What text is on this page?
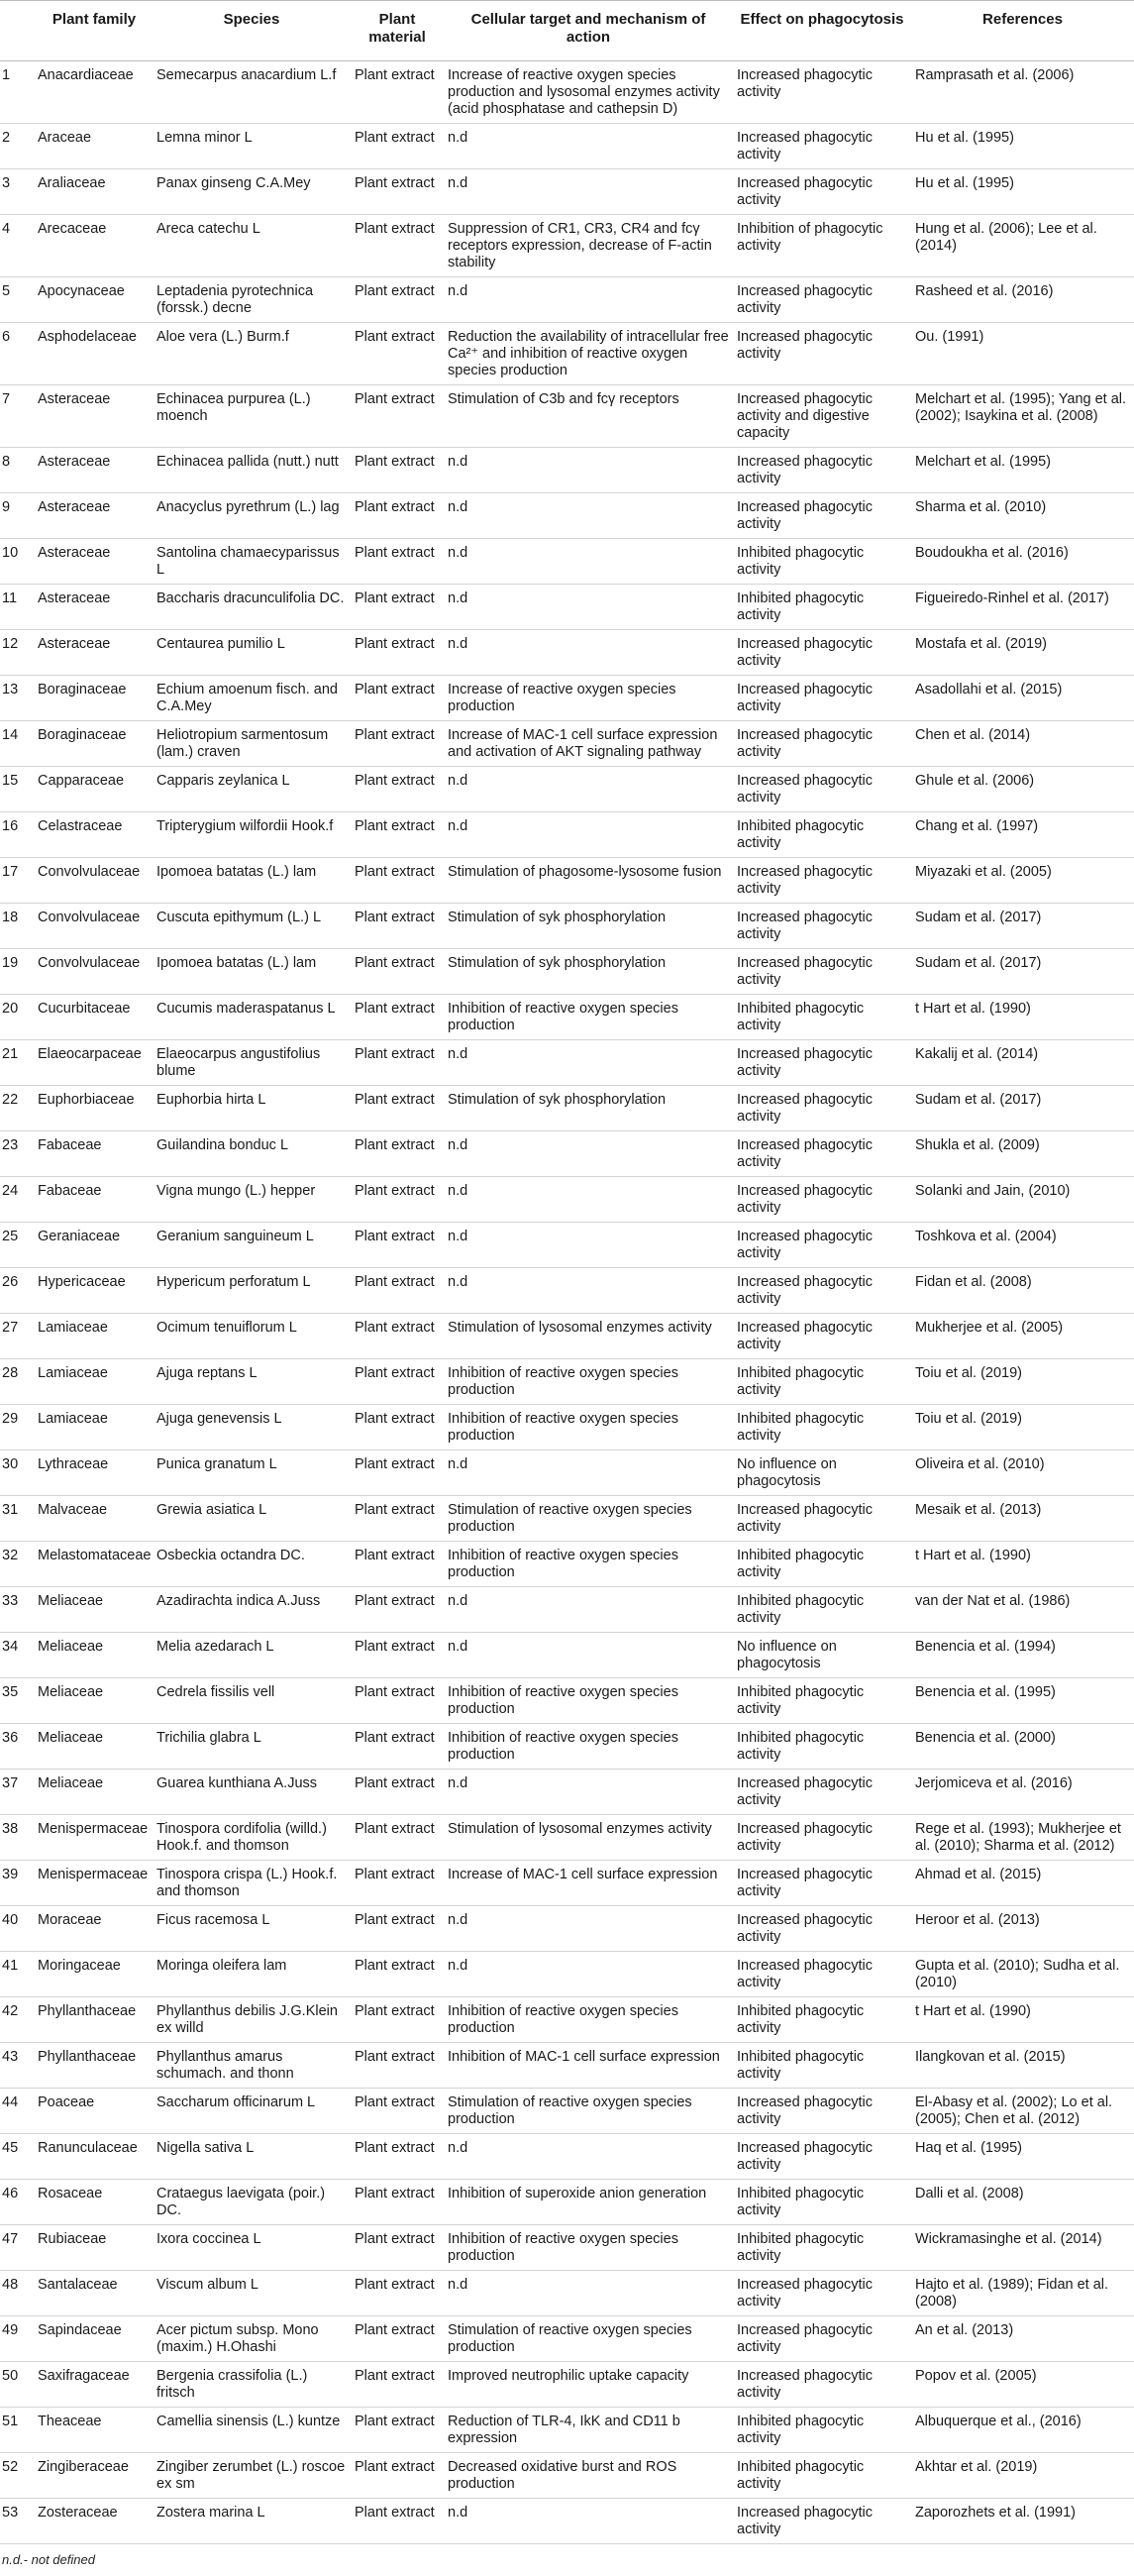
	Plant family	Species	Plant material	Cellular target and mechanism of action	Effect on phagocytosis	References
1	Anacardiaceae	Semecarpus anacardium L.f	Plant extract	Increase of reactive oxygen species production and lysosomal enzymes activity (acid phosphatase and cathepsin D)	Increased phagocytic activity	Ramprasath et al. (2006)
2	Araceae	Lemna minor L	Plant extract	n.d	Increased phagocytic activity	Hu et al. (1995)
3	Araliaceae	Panax ginseng C.A.Mey	Plant extract	n.d	Increased phagocytic activity	Hu et al. (1995)
4	Arecaceae	Areca catechu L	Plant extract	Suppression of CR1, CR3, CR4 and fcγ receptors expression, decrease of F-actin stability	Inhibition of phagocytic activity	Hung et al. (2006); Lee et al. (2014)
5	Apocynaceae	Leptadenia pyrotechnica (forssk.) decne	Plant extract	n.d	Increased phagocytic activity	Rasheed et al. (2016)
6	Asphodelaceae	Aloe vera (L.) Burm.f	Plant extract	Reduction the availability of intracellular free Ca²⁺ and inhibition of reactive oxygen species production	Increased phagocytic activity	Ou. (1991)
7	Asteraceae	Echinacea purpurea (L.) moench	Plant extract	Stimulation of C3b and fcγ receptors	Increased phagocytic activity and digestive capacity	Melchart et al. (1995); Yang et al. (2002); Isaykina et al. (2008)
8	Asteraceae	Echinacea pallida (nutt.) nutt	Plant extract	n.d	Increased phagocytic activity	Melchart et al. (1995)
9	Asteraceae	Anacyclus pyrethrum (L.) lag	Plant extract	n.d	Increased phagocytic activity	Sharma et al. (2010)
10	Asteraceae	Santolina chamaecyparissus L	Plant extract	n.d	Inhibited phagocytic activity	Boudoukha et al. (2016)
11	Asteraceae	Baccharis dracunculifolia DC.	Plant extract	n.d	Inhibited phagocytic activity	Figueiredo-Rinhel et al. (2017)
12	Asteraceae	Centaurea pumilio L	Plant extract	n.d	Increased phagocytic activity	Mostafa et al. (2019)
13	Boraginaceae	Echium amoenum fisch. and C.A.Mey	Plant extract	Increase of reactive oxygen species production	Increased phagocytic activity	Asadollahi et al. (2015)
14	Boraginaceae	Heliotropium sarmentosum (lam.) craven	Plant extract	Increase of MAC-1 cell surface expression and activation of AKT signaling pathway	Increased phagocytic activity	Chen et al. (2014)
15	Capparaceae	Capparis zeylanica L	Plant extract	n.d	Increased phagocytic activity	Ghule et al. (2006)
16	Celastraceae	Tripterygium wilfordii Hook.f	Plant extract	n.d	Inhibited phagocytic activity	Chang et al. (1997)
17	Convolvulaceae	Ipomoea batatas (L.) lam	Plant extract	Stimulation of phagosome-lysosome fusion	Increased phagocytic activity	Miyazaki et al. (2005)
18	Convolvulaceae	Cuscuta epithymum (L.) L	Plant extract	Stimulation of syk phosphorylation	Increased phagocytic activity	Sudam et al. (2017)
19	Convolvulaceae	Ipomoea batatas (L.) lam	Plant extract	Stimulation of syk phosphorylation	Increased phagocytic activity	Sudam et al. (2017)
20	Cucurbitaceae	Cucumis maderaspatanus L	Plant extract	Inhibition of reactive oxygen species production	Inhibited phagocytic activity	t Hart et al. (1990)
21	Elaeocarpaceae	Elaeocarpus angustifolius blume	Plant extract	n.d	Increased phagocytic activity	Kakalij et al. (2014)
22	Euphorbiaceae	Euphorbia hirta L	Plant extract	Stimulation of syk phosphorylation	Increased phagocytic activity	Sudam et al. (2017)
23	Fabaceae	Guilandina bonduc L	Plant extract	n.d	Increased phagocytic activity	Shukla et al. (2009)
24	Fabaceae	Vigna mungo (L.) hepper	Plant extract	n.d	Increased phagocytic activity	Solanki and Jain, (2010)
25	Geraniaceae	Geranium sanguineum L	Plant extract	n.d	Increased phagocytic activity	Toshkova et al. (2004)
26	Hypericaceae	Hypericum perforatum L	Plant extract	n.d	Increased phagocytic activity	Fidan et al. (2008)
27	Lamiaceae	Ocimum tenuiflorum L	Plant extract	Stimulation of lysosomal enzymes activity	Increased phagocytic activity	Mukherjee et al. (2005)
28	Lamiaceae	Ajuga reptans L	Plant extract	Inhibition of reactive oxygen species production	Inhibited phagocytic activity	Toiu et al. (2019)
29	Lamiaceae	Ajuga genevensis L	Plant extract	Inhibition of reactive oxygen species production	Inhibited phagocytic activity	Toiu et al. (2019)
30	Lythraceae	Punica granatum L	Plant extract	n.d	No influence on phagocytosis	Oliveira et al. (2010)
31	Malvaceae	Grewia asiatica L	Plant extract	Stimulation of reactive oxygen species production	Increased phagocytic activity	Mesaik et al. (2013)
32	Melastomataceae	Osbeckia octandra DC.	Plant extract	Inhibition of reactive oxygen species production	Inhibited phagocytic activity	t Hart et al. (1990)
33	Meliaceae	Azadirachta indica A.Juss	Plant extract	n.d	Inhibited phagocytic activity	van der Nat et al. (1986)
34	Meliaceae	Melia azedarach L	Plant extract	n.d	No influence on phagocytosis	Benencia et al. (1994)
35	Meliaceae	Cedrela fissilis vell	Plant extract	Inhibition of reactive oxygen species production	Inhibited phagocytic activity	Benencia et al. (1995)
36	Meliaceae	Trichilia glabra L	Plant extract	Inhibition of reactive oxygen species production	Inhibited phagocytic activity	Benencia et al. (2000)
37	Meliaceae	Guarea kunthiana A.Juss	Plant extract	n.d	Increased phagocytic activity	Jerjomiceva et al. (2016)
38	Menispermaceae	Tinospora cordifolia (willd.) Hook.f. and thomson	Plant extract	Stimulation of lysosomal enzymes activity	Increased phagocytic activity	Rege et al. (1993); Mukherjee et al. (2010); Sharma et al. (2012)
39	Menispermaceae	Tinospora crispa (L.) Hook.f. and thomson	Plant extract	Increase of MAC-1 cell surface expression	Increased phagocytic activity	Ahmad et al. (2015)
40	Moraceae	Ficus racemosa L	Plant extract	n.d	Increased phagocytic activity	Heroor et al. (2013)
41	Moringaceae	Moringa oleifera lam	Plant extract	n.d	Increased phagocytic activity	Gupta et al. (2010); Sudha et al. (2010)
42	Phyllanthaceae	Phyllanthus debilis J.G.Klein ex willd	Plant extract	Inhibition of reactive oxygen species production	Inhibited phagocytic activity	t Hart et al. (1990)
43	Phyllanthaceae	Phyllanthus amarus schumach. and thonn	Plant extract	Inhibition of MAC-1 cell surface expression	Inhibited phagocytic activity	Ilangkovan et al. (2015)
44	Poaceae	Saccharum officinarum L	Plant extract	Stimulation of reactive oxygen species production	Increased phagocytic activity	El-Abasy et al. (2002); Lo et al. (2005); Chen et al. (2012)
45	Ranunculaceae	Nigella sativa L	Plant extract	n.d	Increased phagocytic activity	Haq et al. (1995)
46	Rosaceae	Crataegus laevigata (poir.) DC.	Plant extract	Inhibition of superoxide anion generation	Inhibited phagocytic activity	Dalli et al. (2008)
47	Rubiaceae	Ixora coccinea L	Plant extract	Inhibition of reactive oxygen species production	Inhibited phagocytic activity	Wickramasinghe et al. (2014)
48	Santalaceae	Viscum album L	Plant extract	n.d	Increased phagocytic activity	Hajto et al. (1989); Fidan et al. (2008)
49	Sapindaceae	Acer pictum subsp. Mono (maxim.) H.Ohashi	Plant extract	Stimulation of reactive oxygen species production	Increased phagocytic activity	An et al. (2013)
50	Saxifragaceae	Bergenia crassifolia (L.) fritsch	Plant extract	Improved neutrophilic uptake capacity	Increased phagocytic activity	Popov et al. (2005)
51	Theaceae	Camellia sinensis (L.) kuntze	Plant extract	Reduction of TLR-4, IkK and CD11 b expression	Inhibited phagocytic activity	Albuquerque et al., (2016)
52	Zingiberaceae	Zingiber zerumbet (L.) roscoe ex sm	Plant extract	Decreased oxidative burst and ROS production	Inhibited phagocytic activity	Akhtar et al. (2019)
53	Zosteraceae	Zostera marina L	Plant extract	n.d	Increased phagocytic activity	Zaporozhets et al. (1991)
n.d.- not defined
